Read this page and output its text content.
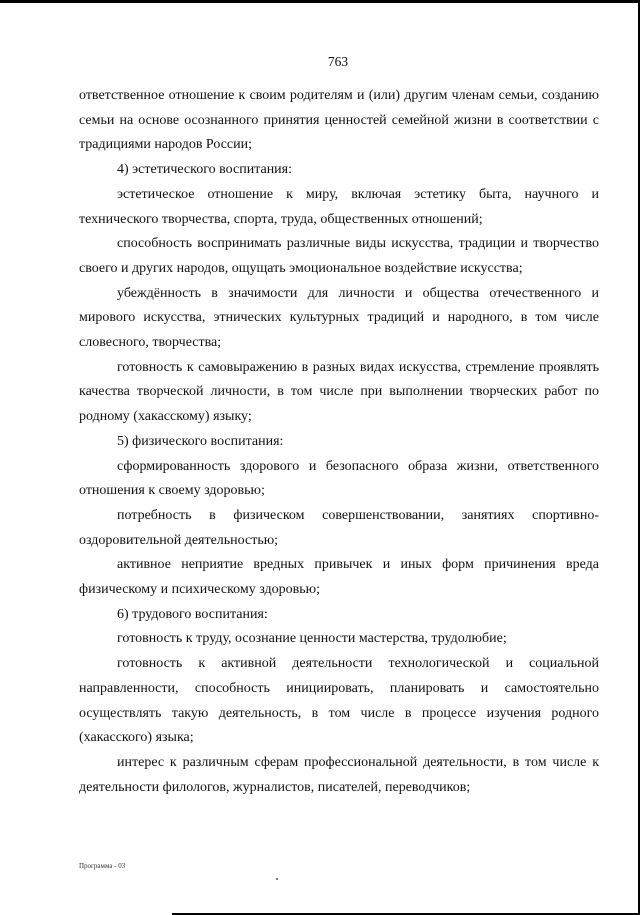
763

ответственное отношение к своим родителям и (или) другим членам семьи, созданию семьи на основе осознанного принятия ценностей семейной жизни в соответствии с традициями народов России;

4) эстетического воспитания:

эстетическое отношение к миру, включая эстетику быта, научного и технического творчества, спорта, труда, общественных отношений;

способность воспринимать различные виды искусства, традиции и творчество своего и других народов, ощущать эмоциональное воздействие искусства;

убеждённость в значимости для личности и общества отечественного и мирового искусства, этнических культурных традиций и народного, в том числе словесного, творчества;

готовность к самовыражению в разных видах искусства, стремление проявлять качества творческой личности, в том числе при выполнении творческих работ по родному (хакасскому) языку;

5) физического воспитания:

сформированность здорового и безопасного образа жизни, ответственного отношения к своему здоровью;

потребность в физическом совершенствовании, занятиях спортивно-оздоровительной деятельностью;

активное неприятие вредных привычек и иных форм причинения вреда физическому и психическому здоровью;

6) трудового воспитания:

готовность к труду, осознание ценности мастерства, трудолюбие;

готовность к активной деятельности технологической и социальной направленности, способность инициировать, планировать и самостоятельно осуществлять такую деятельность, в том числе в процессе изучения родного (хакасского) языка;

интерес к различным сферам профессиональной деятельности, в том числе к деятельности филологов, журналистов, писателей, переводчиков;

Программа - 03
